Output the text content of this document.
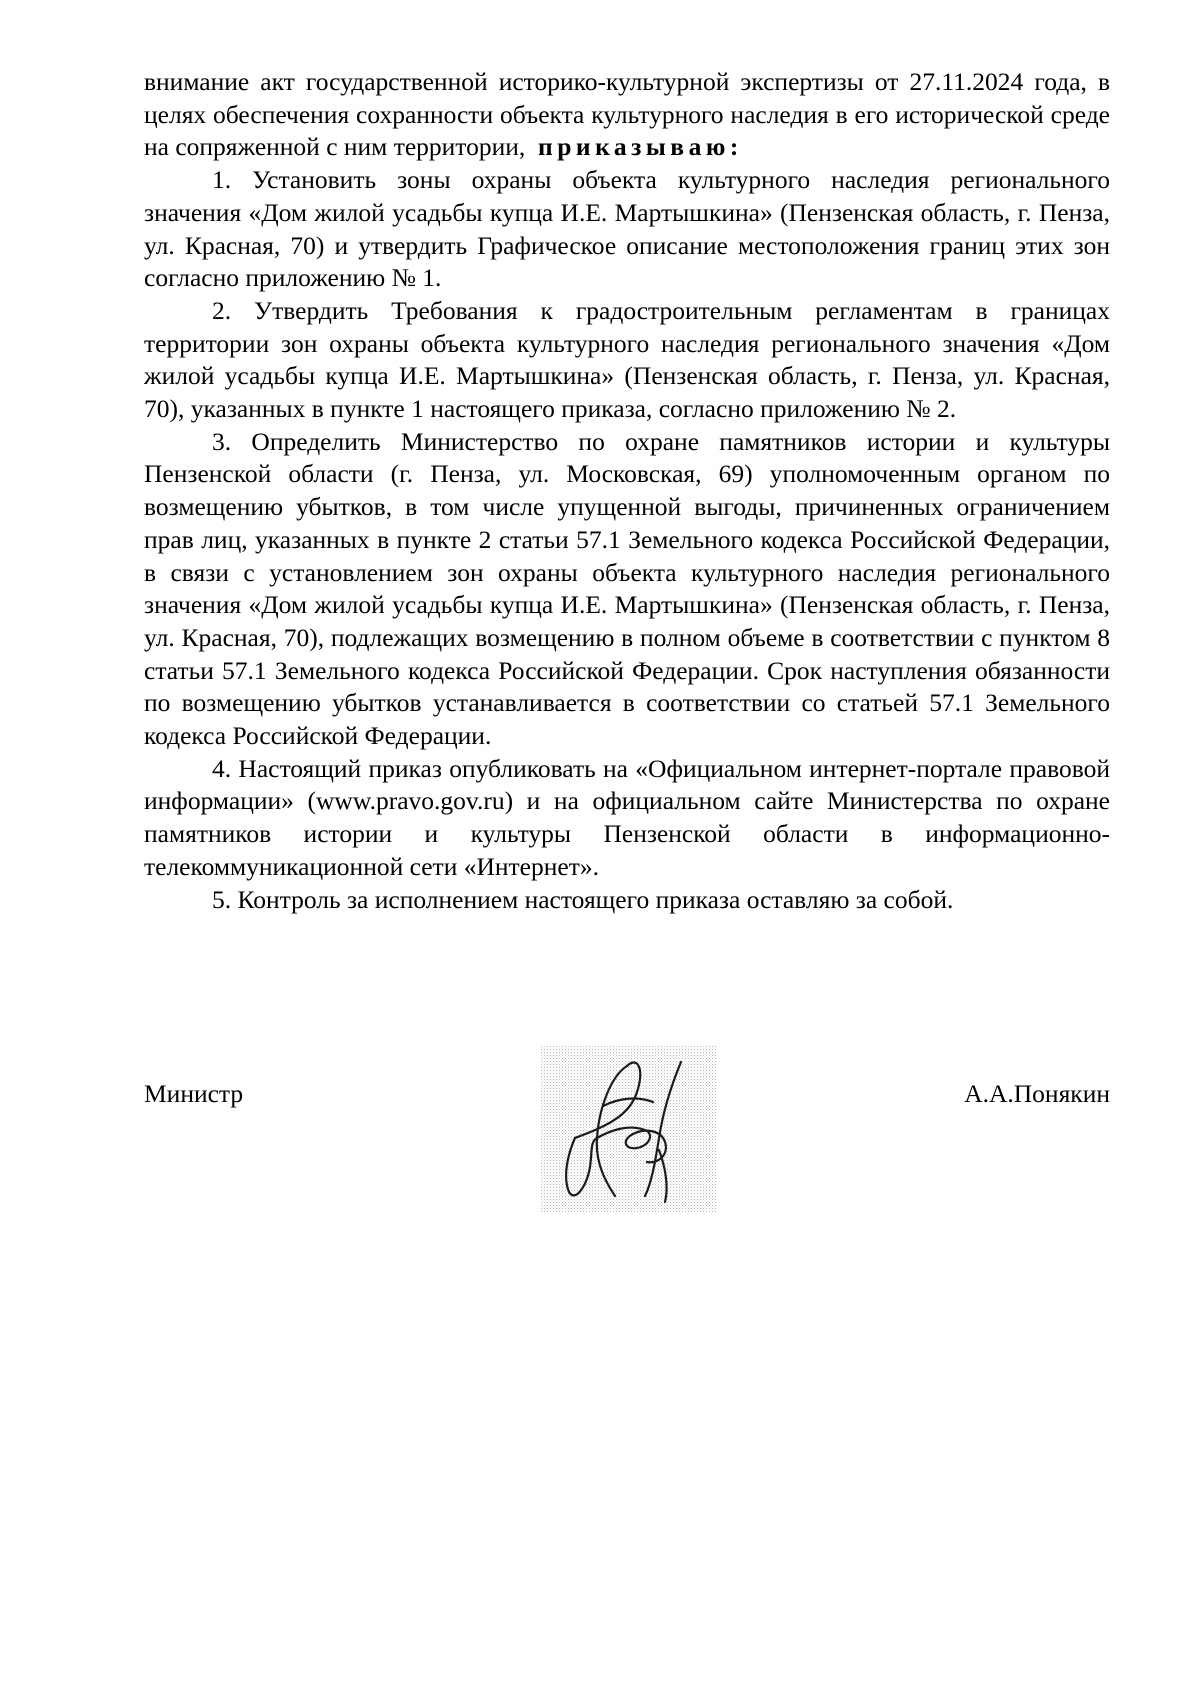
внимание акт государственной историко-культурной экспертизы от 27.11.2024 года, в целях обеспечения сохранности объекта культурного наследия в его исторической среде на сопряженной с ним территории, приказываю:

1. Установить зоны охраны объекта культурного наследия регионального значения «Дом жилой усадьбы купца И.Е. Мартышкина» (Пензенская область, г. Пенза, ул. Красная, 70) и утвердить Графическое описание местоположения границ этих зон согласно приложению № 1.

2. Утвердить Требования к градостроительным регламентам в границах территории зон охраны объекта культурного наследия регионального значения «Дом жилой усадьбы купца И.Е. Мартышкина» (Пензенская область, г. Пенза, ул. Красная, 70), указанных в пункте 1 настоящего приказа, согласно приложению № 2.

3. Определить Министерство по охране памятников истории и культуры Пензенской области (г. Пенза, ул. Московская, 69) уполномоченным органом по возмещению убытков, в том числе упущенной выгоды, причиненных ограничением прав лиц, указанных в пункте 2 статьи 57.1 Земельного кодекса Российской Федерации, в связи с установлением зон охраны объекта культурного наследия регионального значения «Дом жилой усадьбы купца И.Е. Мартышкина» (Пензенская область, г. Пенза, ул. Красная, 70), подлежащих возмещению в полном объеме в соответствии с пунктом 8 статьи 57.1 Земельного кодекса Российской Федерации. Срок наступления обязанности по возмещению убытков устанавливается в соответствии со статьей 57.1 Земельного кодекса Российской Федерации.

4. Настоящий приказ опубликовать на «Официальном интернет-портале правовой информации» (www.pravo.gov.ru) и на официальном сайте Министерства по охране памятников истории и культуры Пензенской области в информационно-телекоммуникационной сети «Интернет».

5. Контроль за исполнением настоящего приказа оставляю за собой.

Министр	А.А.Понякин
